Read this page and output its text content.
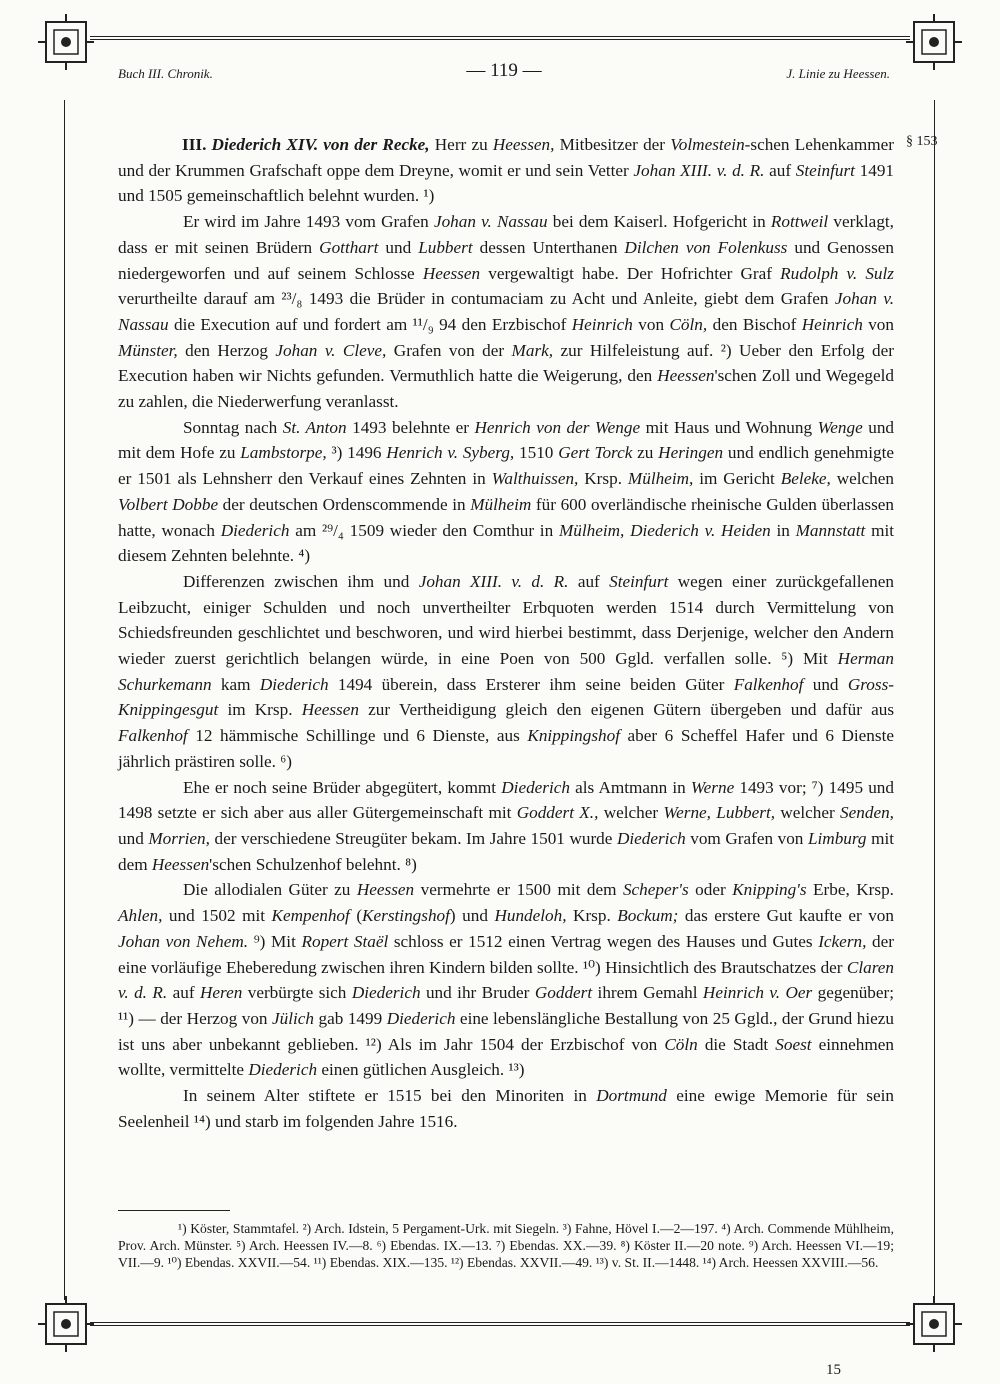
Buch III. Chronik.	— 119 —	J. Linie zu Heessen.
§ 153

III. Diederich XIV. von der Recke, Herr zu Heessen, Mitbesitzer der Volmestein-schen Lehenkammer und der Krummen Grafschaft oppe dem Dreyne, womit er und sein Vetter Johan XIII. v. d. R. auf Steinfurt 1491 und 1505 gemeinschaftlich belehnt wurden. ¹)

Er wird im Jahre 1493 vom Grafen Johan v. Nassau bei dem Kaiserl. Hofgericht in Rottweil verklagt, dass er mit seinen Brüdern Gotthart und Lubbert dessen Unterthanen Dilchen von Folenkuss und Genossen niedergeworfen und auf seinem Schlosse Heessen vergewaltigt habe. Der Hofrichter Graf Rudolph v. Sulz verurtheilte darauf am ²³/₈ 1493 die Brüder in contumaciam zu Acht und Anleite, giebt dem Grafen Johan v. Nassau die Execution auf und fordert am ¹¹/₉ 94 den Erzbischof Heinrich von Cöln, den Bischof Heinrich von Münster, den Herzog Johan v. Cleve, Grafen von der Mark, zur Hilfeleistung auf. ²) Ueber den Erfolg der Execution haben wir Nichts gefunden. Vermuthlich hatte die Weigerung, den Heessen'schen Zoll und Wegegeld zu zahlen, die Niederwerfung veranlasst.

Sonntag nach St. Anton 1493 belehnte er Henrich von der Wenge mit Haus und Wohnung Wenge und mit dem Hofe zu Lambstorpe, ³) 1496 Henrich v. Syberg, 1510 Gert Torck zu Heringen und endlich genehmigte er 1501 als Lehnsherr den Verkauf eines Zehnten in Walthuissen, Krsp. Mülheim, im Gericht Beleke, welchen Volbert Dobbe der deutschen Ordenscommende in Mülheim für 600 overländische rheinische Gulden überlassen hatte, wonach Diederich am ²⁹/₄ 1509 wieder den Comthur in Mülheim, Diederich v. Heiden in Mannstatt mit diesem Zehnten belehnte. ⁴)

Differenzen zwischen ihm und Johan XIII. v. d. R. auf Steinfurt wegen einer zurückgefallenen Leibzucht, einiger Schulden und noch unvertheilter Erbquoten werden 1514 durch Vermittelung von Schiedsfreunden geschlichtet und beschworen, und wird hierbei bestimmt, dass Derjenige, welcher den Andern wieder zuerst gerichtlich belangen würde, in eine Poen von 500 Ggld. verfallen solle. ⁵) Mit Herman Schurkemann kam Diederich 1494 überein, dass Ersterer ihm seine beiden Güter Falkenhof und Gross-Knippingesgut im Krsp. Heessen zur Vertheidigung gleich den eigenen Gütern übergeben und dafür aus Falkenhof 12 hämmische Schillinge und 6 Dienste, aus Knippingshof aber 6 Scheffel Hafer und 6 Dienste jährlich prästiren solle. ⁶)

Ehe er noch seine Brüder abgegütert, kommt Diederich als Amtmann in Werne 1493 vor; ⁷) 1495 und 1498 setzte er sich aber aus aller Gütergemeinschaft mit Goddert X., welcher Werne, Lubbert, welcher Senden, und Morrien, der verschiedene Streugüter bekam. Im Jahre 1501 wurde Diederich vom Grafen von Limburg mit dem Heessen'schen Schulzenhof belehnt. ⁸)

Die allodialen Güter zu Heessen vermehrte er 1500 mit dem Scheper's oder Knipping's Erbe, Krsp. Ahlen, und 1502 mit Kempenhof (Kerstingshof) und Hundeloh, Krsp. Bockum; das erstere Gut kaufte er von Johan von Nehem. ⁹) Mit Ropert Staël schloss er 1512 einen Vertrag wegen des Hauses und Gutes Ickern, der eine vorläufige Eheberedung zwischen ihren Kindern bilden sollte. ¹⁰) Hinsichtlich des Brautschatzes der Claren v. d. R. auf Heren verbürgte sich Diederich und ihr Bruder Goddert ihrem Gemahl Heinrich v. Oer gegenüber; ¹¹) — der Herzog von Jülich gab 1499 Diederich eine lebenslängliche Bestallung von 25 Ggld., der Grund hiezu ist uns aber unbekannt geblieben. ¹²) Als im Jahr 1504 der Erzbischof von Cöln die Stadt Soest einnehmen wollte, vermittelte Diederich einen gütlichen Ausgleich. ¹³)

In seinem Alter stiftete er 1515 bei den Minoriten in Dortmund eine ewige Memorie für sein Seelenheil ¹⁴) und starb im folgenden Jahre 1516.

¹) Köster, Stammtafel. ²) Arch. Idstein, 5 Pergament-Urk. mit Siegeln. ³) Fahne, Hövel I.—2—197. ⁴) Arch. Commende Mühlheim, Prov. Arch. Münster. ⁵) Arch. Heessen IV.—8. ⁶) Ebendas. IX.—13. ⁷) Ebendas. XX.—39. ⁸) Köster II.—20 note. ⁹) Arch. Heessen VI.—19; VII.—9. ¹⁰) Ebendas. XXVII.—54. ¹¹) Ebendas. XIX.—135. ¹²) Ebendas. XXVII.—49. ¹³) v. St. II.—1448. ¹⁴) Arch. Heessen XXVIII.—56.
15
